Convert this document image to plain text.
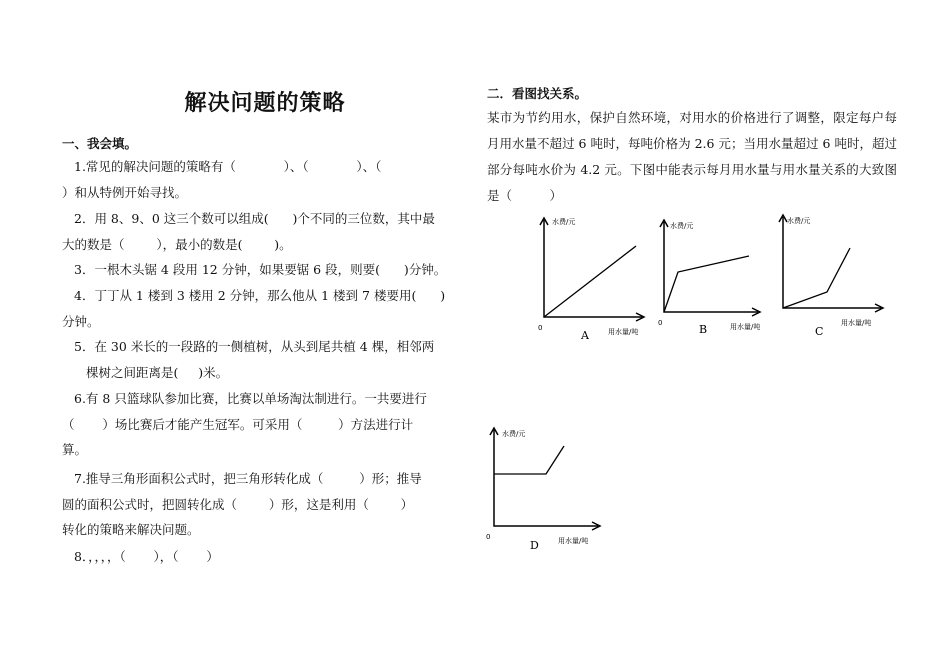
解决问题的策略
一、我会填。
1.常见的解决问题的策略有（	）、（	）、（
）和从特例开始寻找。
2．用 8、9、0 这三个数可以组成( )个不同的三位数，其中最
大的数是（	），最小的数是(	)。
3．一根木头锯 4 段用 12 分钟，如果要锯 6 段，则要( )分钟。
4．丁丁从 1 楼到 3 楼用 2 分钟，那么他从 1 楼到 7 楼要用( )
分钟。
5．在 30 米长的一段路的一侧植树，从头到尾共植 4 棵，相邻两
棵树之间距离是( )米。
6.有 8 只篮球队参加比赛，比赛以单场淘汰制进行。一共要进行
（ ）场比赛后才能产生冠军。可采用（	）方法进行计
算。
7.推导三角形面积公式时，把三角形转化成（	）形；推导
圆的面积公式时，把圆转化成（	）形，这是利用（	）
转化的策略来解决问题。
8．，，，，（ ），（ ）
二．看图找关系。
某市为节约用水，保护自然环境，对用水的价格进行了调整，限定每户每月用水量不超过 6 吨时，每吨价格为 2.6 元；当用水量超过 6 吨时，超过部分每吨水价为 4.2 元。下图中能表示每月用水量与用水量关系的大致图是（　　　）
水费/元
用水量/吨
0
A
水费/元
用水量/吨
0	B
水费/元
用水量/吨
C
水费/元
用水量/吨
0
D
